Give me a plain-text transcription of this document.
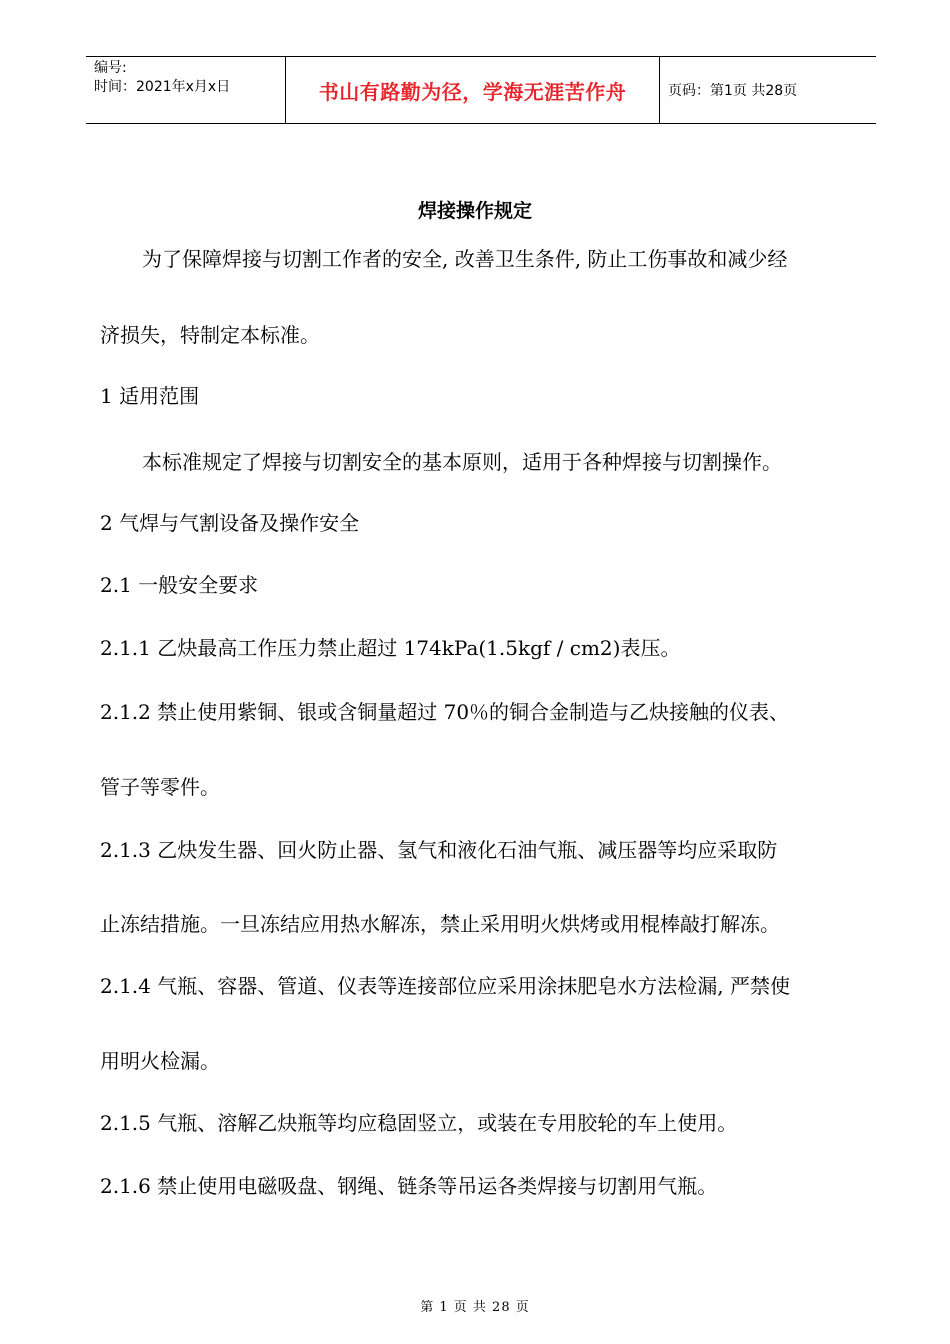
编号:
时间：2021年x月x日	书山有路勤为径，学海无涯苦作舟	页码：第1页 共28页
焊接操作规定
为了保障焊接与切割工作者的安全, 改善卫生条件, 防止工伤事故和减少经
济损失，特制定本标准。
1 适用范围
本标准规定了焊接与切割安全的基本原则，适用于各种焊接与切割操作。
2 气焊与气割设备及操作安全
2.1 一般安全要求
2.1.1 乙炔最高工作压力禁止超过 174kPa(1.5kgf / cm2)表压。
2.1.2 禁止使用紫铜、银或含铜量超过 70％的铜合金制造与乙炔接触的仪表、
管子等零件。
2.1.3 乙炔发生器、回火防止器、氢气和液化石油气瓶、减压器等均应采取防
止冻结措施。一旦冻结应用热水解冻，禁止采用明火烘烤或用棍棒敲打解冻。
2.1.4 气瓶、容器、管道、仪表等连接部位应采用涂抹肥皂水方法检漏, 严禁使
用明火检漏。
2.1.5 气瓶、溶解乙炔瓶等均应稳固竖立，或装在专用胶轮的车上使用。
2.1.6 禁止使用电磁吸盘、钢绳、链条等吊运各类焊接与切割用气瓶。
第 1 页 共 28 页
